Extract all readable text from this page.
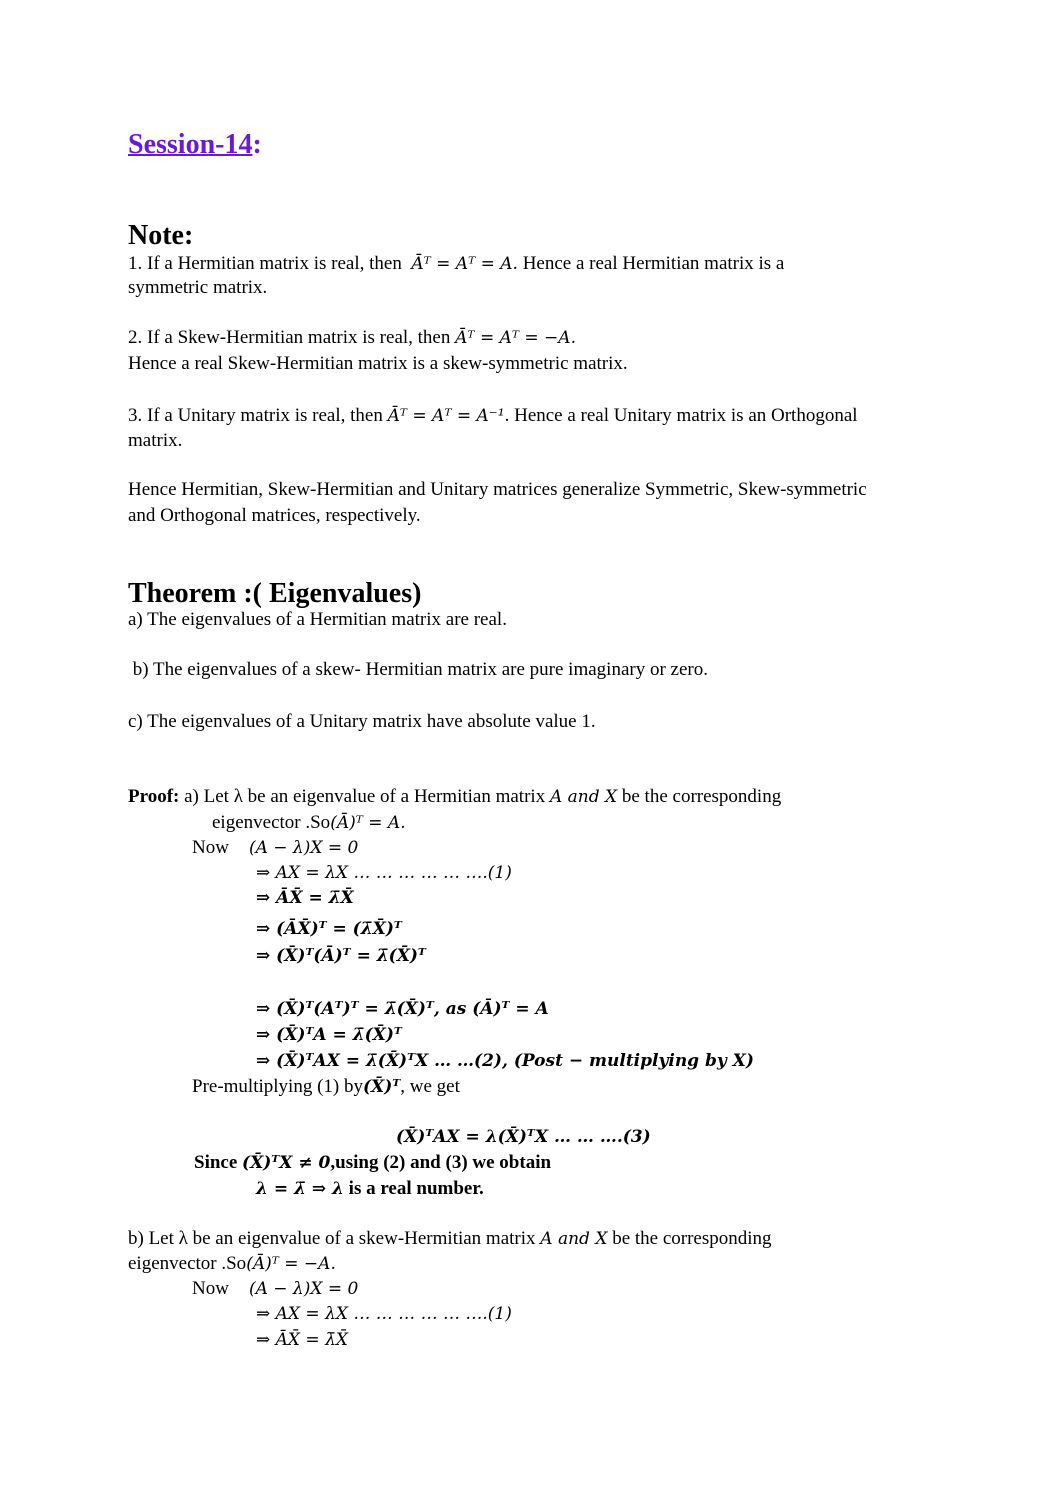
Session-14:
Note:
1. If a Hermitian matrix is real, then Āᵀ = Aᵀ = A. Hence a real Hermitian matrix is a
symmetric matrix.
2. If a Skew-Hermitian matrix is real, then Āᵀ = Aᵀ = −A.
Hence a real Skew-Hermitian matrix is a skew-symmetric matrix.
3. If a Unitary matrix is real, then Āᵀ = Aᵀ = A⁻¹. Hence a real Unitary matrix is an Orthogonal
matrix.
Hence Hermitian, Skew-Hermitian and Unitary matrices generalize Symmetric, Skew-symmetric
and Orthogonal matrices, respectively.
Theorem :( Eigenvalues)
a) The eigenvalues of a Hermitian matrix are real.
b) The eigenvalues of a skew- Hermitian matrix are pure imaginary or zero.
c) The eigenvalues of a Unitary matrix have absolute value 1.
Proof: a) Let λ be an eigenvalue of a Hermitian matrix A and X be the corresponding
eigenvector .So(Ā)ᵀ = A.
Now (A − λ)X = 0
⇒ AX = λX … … … … … ….(1)
⇒ ĀX̄ = λ̄X̄
⇒ (ĀX̄)ᵀ = (λ̄X̄)ᵀ
⇒ (X̄)ᵀ(Ā)ᵀ = λ̄(X̄)ᵀ
⇒ (X̄)ᵀ(Aᵀ)ᵀ = λ̄(X̄)ᵀ, as (Ā)ᵀ = A
⇒ (X̄)ᵀA = λ̄(X̄)ᵀ
⇒ (X̄)ᵀAX = λ̄(X̄)ᵀX … …(2), (Post − multiplying by X)
Pre-multiplying (1) by(X̄)ᵀ, we get
(X̄)ᵀAX = λ(X̄)ᵀX … … ….(3)
Since (X̄)ᵀX ≠ 0,using (2) and (3) we obtain
λ = λ̄ ⇒ λ is a real number.
b) Let λ be an eigenvalue of a skew-Hermitian matrix A and X be the corresponding
eigenvector .So(Ā)ᵀ = −A.
Now (A − λ)X = 0
⇒ AX = λX … … … … … ….(1)
⇒ ĀX̄ = λ̄X̄
